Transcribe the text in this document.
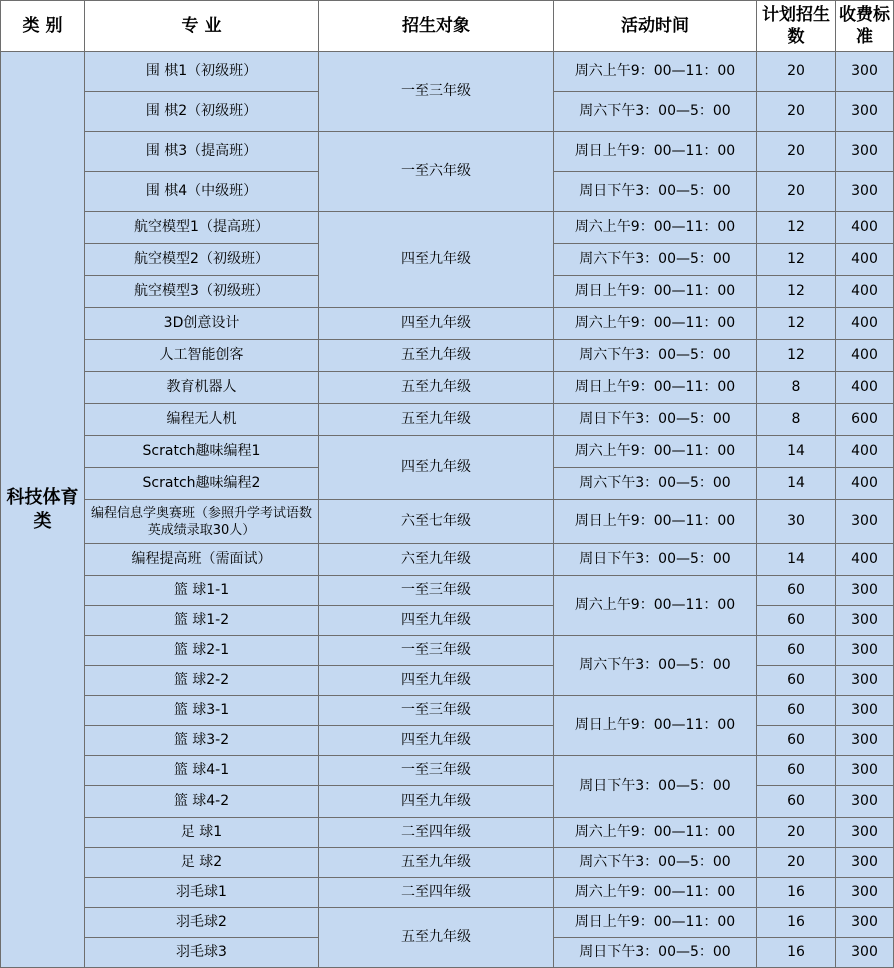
类 别	专 业	招生对象	活动时间	计划招生数	收费标准
科技体育类	围 棋1（初级班）	一至三年级	周六上午9：00—11：00	20	300
	围 棋2（初级班）		周六下午3：00—5：00	20	300
	围 棋3（提高班）	一至六年级	周日上午9：00—11：00	20	300
	围 棋4（中级班）		周日下午3：00—5：00	20	300
	航空模型1（提高班）	四至九年级	周六上午9：00—11：00	12	400
	航空模型2（初级班）		周六下午3：00—5：00	12	400
	航空模型3（初级班）		周日上午9：00—11：00	12	400
	3D创意设计	四至九年级	周六上午9：00—11：00	12	400
	人工智能创客	五至九年级	周六下午3：00—5：00	12	400
	教育机器人	五至九年级	周日上午9：00—11：00	8	400
	编程无人机	五至九年级	周日下午3：00—5：00	8	600
	Scratch趣味编程1	四至九年级	周六上午9：00—11：00	14	400
	Scratch趣味编程2		周六下午3：00—5：00	14	400
	编程信息学奥赛班（参照升学考试语数英成绩录取30人）	六至七年级	周日上午9：00—11：00	30	300
	编程提高班（需面试）	六至九年级	周日下午3：00—5：00	14	400
	篮 球1-1	一至三年级	周六上午9：00—11：00	60	300
	篮 球1-2	四至九年级		60	300
	篮 球2-1	一至三年级	周六下午3：00—5：00	60	300
	篮 球2-2	四至九年级		60	300
	篮 球3-1	一至三年级	周日上午9：00—11：00	60	300
	篮 球3-2	四至九年级		60	300
	篮 球4-1	一至三年级	周日下午3：00—5：00	60	300
	篮 球4-2	四至九年级		60	300
	足 球1	二至四年级	周六上午9：00—11：00	20	300
	足 球2	五至九年级	周六下午3：00—5：00	20	300
	羽毛球1	二至四年级	周六上午9：00—11：00	16	300
	羽毛球2	五至九年级	周日上午9：00—11：00	16	300
	羽毛球3		周日下午3：00—5：00	16	300
